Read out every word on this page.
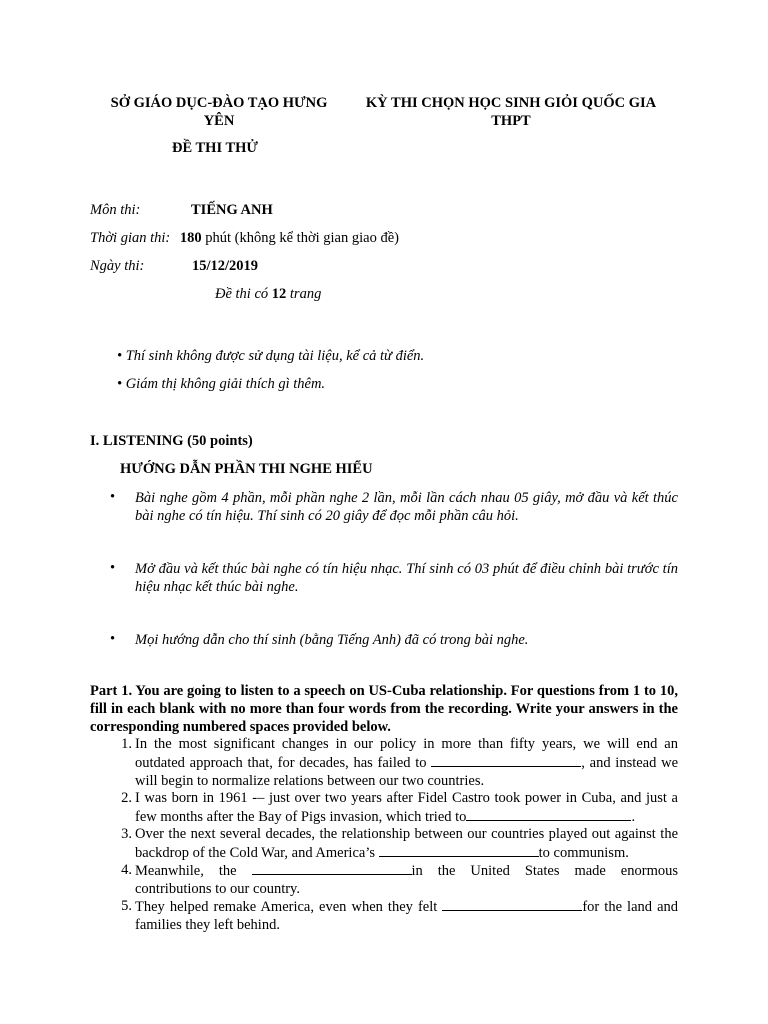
SỞ GIÁO DỤC-ĐÀO TẠO HƯNG
YÊN
KỲ THI CHỌN HỌC SINH GIỎI QUỐC GIA
THPT
ĐỀ THI THỬ
Môn thi:	TIẾNG ANH
Thời gian thi: 180 phút (không kể thời gian giao đề)
Ngày thi:	15/12/2019
Đề thi có 12 trang
• Thí sinh không được sử dụng tài liệu, kể cả từ điển.
• Giám thị không giải thích gì thêm.
I. LISTENING (50 points)
HƯỚNG DẪN PHẦN THI NGHE HIỂU
• Bài nghe gồm 4 phần, mỗi phần nghe 2 lần, mỗi lần cách nhau 05 giây, mở đầu và kết thúc bài nghe có tín hiệu. Thí sinh có 20 giây để đọc mỗi phần câu hỏi.
• Mở đầu và kết thúc bài nghe có tín hiệu nhạc. Thí sinh có 03 phút để điều chỉnh bài trước tín hiệu nhạc kết thúc bài nghe.
• Mọi hướng dẫn cho thí sinh (bằng Tiếng Anh) đã có trong bài nghe.
Part 1. You are going to listen to a speech on US-Cuba relationship. For questions from 1 to 10, fill in each blank with no more than four words from the recording. Write your answers in the corresponding numbered spaces provided below.
1. In the most significant changes in our policy in more than fifty years, we will end an outdated approach that, for decades, has failed to	, and instead we will begin to normalize relations between our two countries.
2. I was born in 1961 -– just over two years after Fidel Castro took power in Cuba, and just a few months after the Bay of Pigs invasion, which tried to	.
3. Over the next several decades, the relationship between our countries played out against the backdrop of the Cold War, and America’s	to communism.
4. Meanwhile, the	in the United States made enormous contributions to our country.
5. They helped remake America, even when they felt	for the land and families they left behind.
